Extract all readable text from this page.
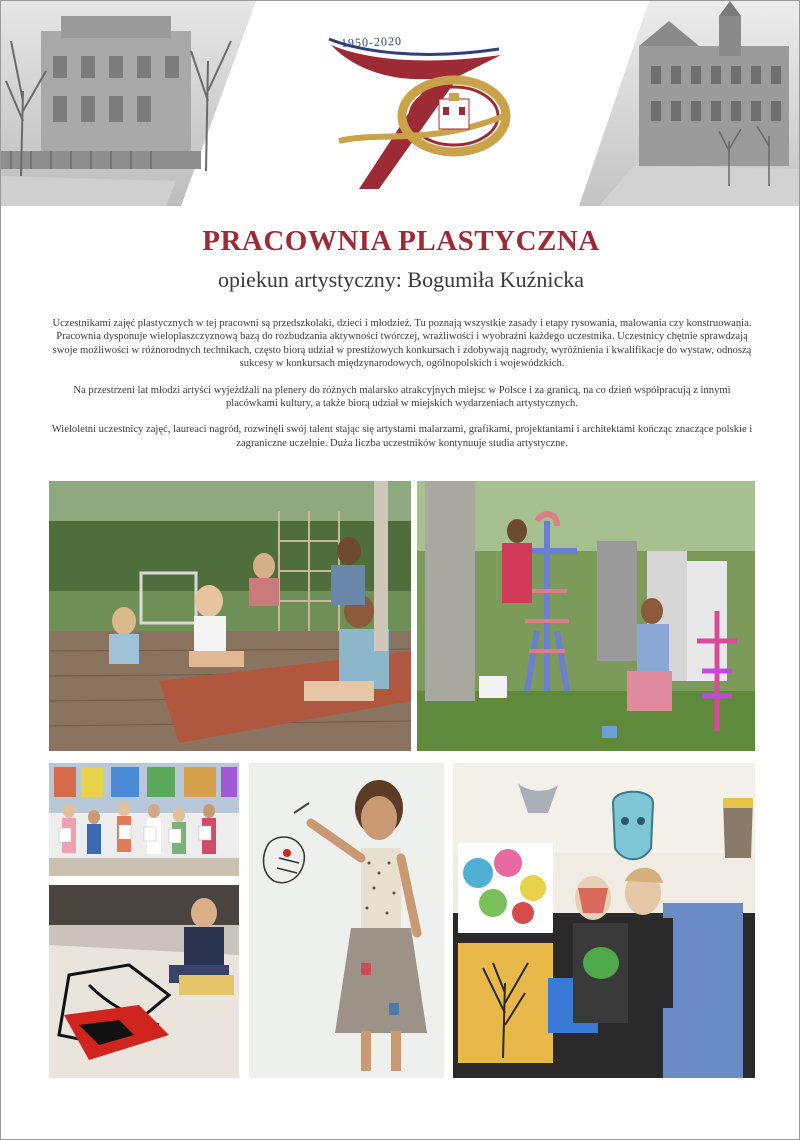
1950-2020
PRACOWNIA PLASTYCZNA
opiekun artystyczny: Bogumiła Kuźnicka

Uczestnikami zajęć plastycznych w tej pracowni są przedszkolaki, dzieci i młodzież. Tu poznają wszystkie zasady i etapy rysowania, malowania czy konstruowania. Pracownia dysponuje wieloplaszczyznową bazą do rozbudzania aktywności twórczej, wrażliwości i wyobraźni każdego uczestnika. Uczestnicy chętnie sprawdzają swoje możliwości w różnorodnych technikach, często biorą udział w prestiżowych konkursach i zdobywają nagrody, wyróżnienia i kwalifikacje do wystaw, odnoszą sukcesy w konkursach międzynarodowych, ogólnopolskich i wojewódzkich.

Na przestrzeni lat młodzi artyści wyjeżdżali na plenery do różnych malarsko atrakcyjnych miejsc w Polsce i za granicą, na co dzień współpracują z innymi placówkami kultury, a także biorą udział w miejskich wydarzeniach artystycznych.

Wieloletni uczestnicy zajęć, laureaci nagród, rozwinęli swój talent stając się artystami malarzami, grafikami, projektantami i architektami kończąc znaczące polskie i zagraniczne uczelnie. Duża liczba uczestników kontynuuje studia artystyczne.
